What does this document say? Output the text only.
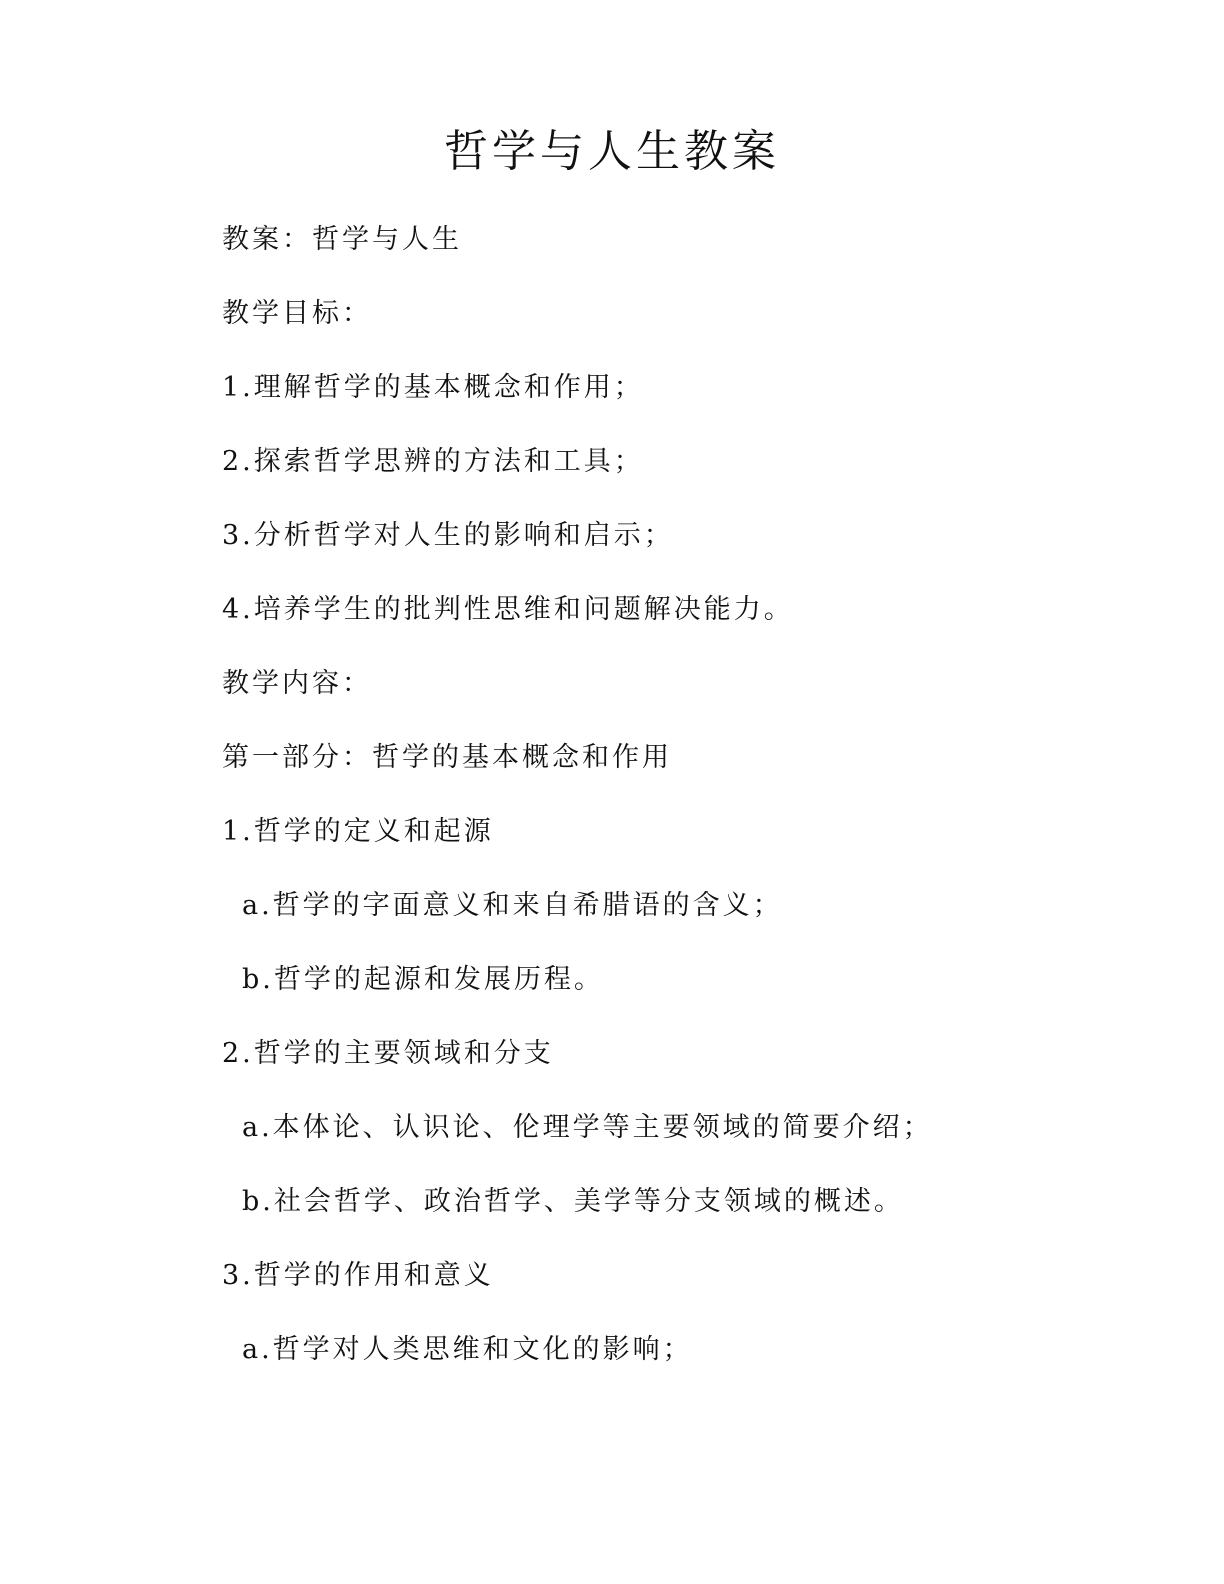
哲学与人生教案

教案：哲学与人生

教学目标：

1.理解哲学的基本概念和作用；

2.探索哲学思辨的方法和工具；

3.分析哲学对人生的影响和启示；

4.培养学生的批判性思维和问题解决能力。

教学内容：

第一部分：哲学的基本概念和作用

1.哲学的定义和起源

a.哲学的字面意义和来自希腊语的含义；

b.哲学的起源和发展历程。

2.哲学的主要领域和分支

a.本体论、认识论、伦理学等主要领域的简要介绍；

b.社会哲学、政治哲学、美学等分支领域的概述。

3.哲学的作用和意义

a.哲学对人类思维和文化的影响；
